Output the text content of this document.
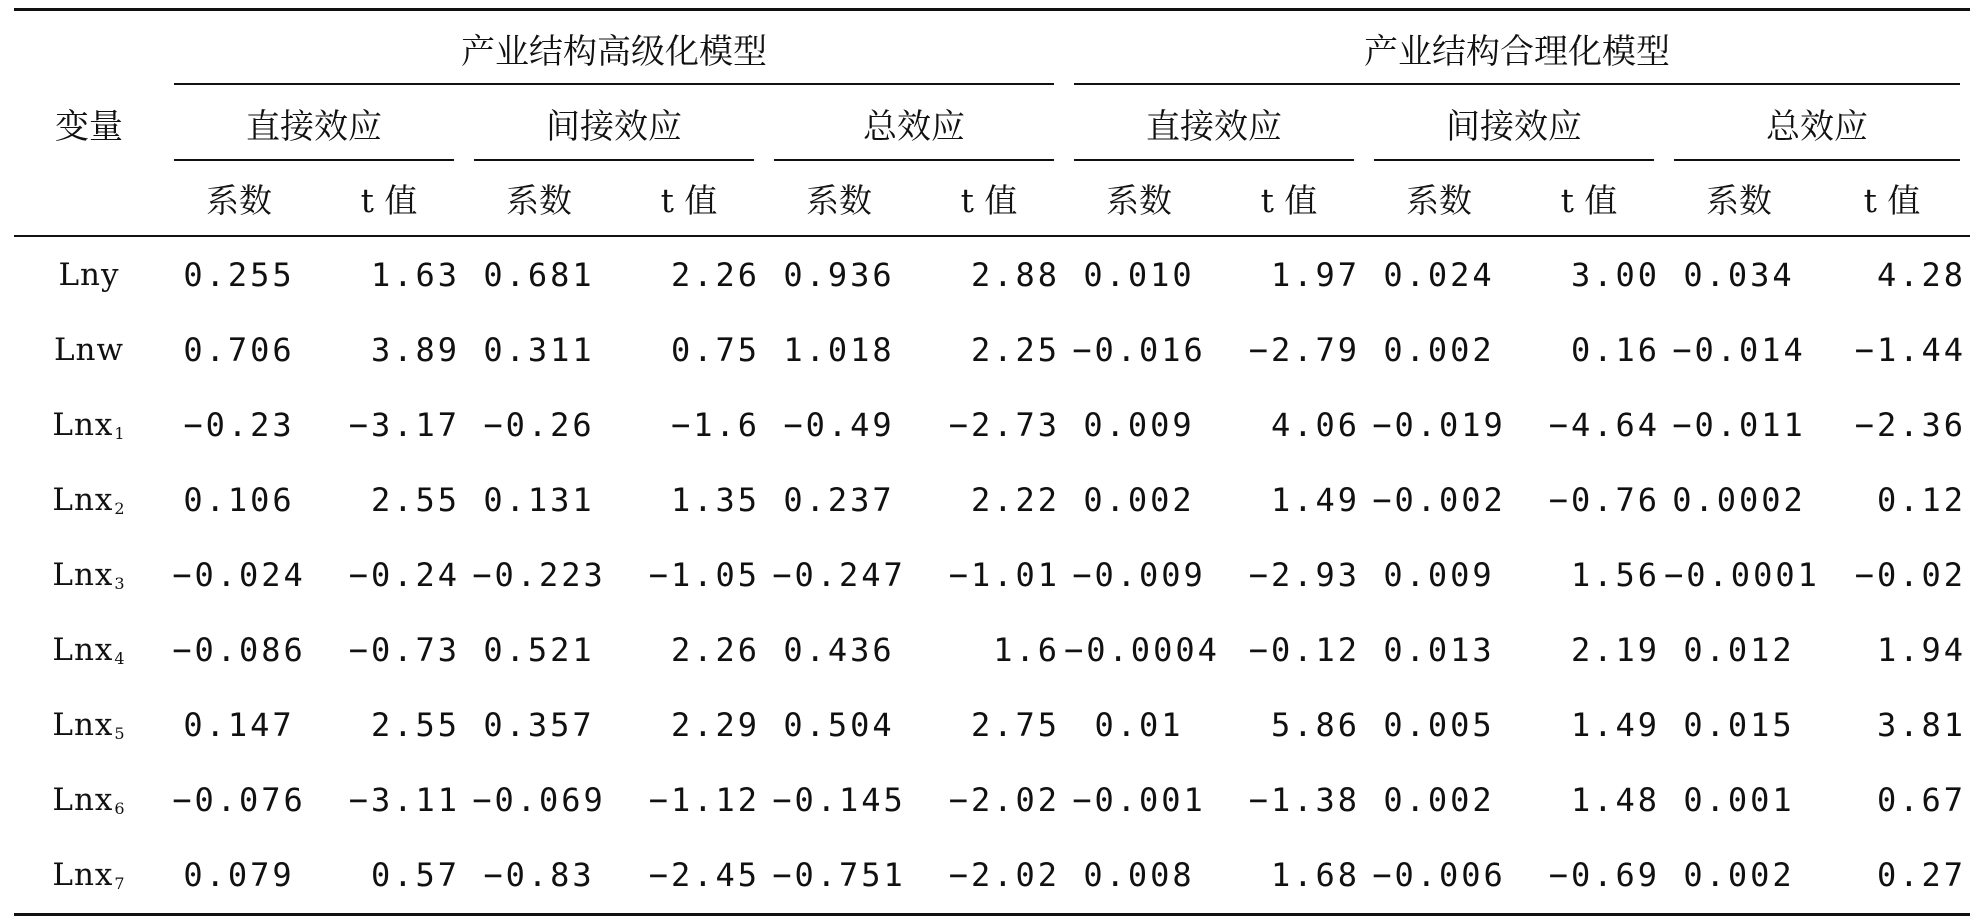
变量	产业结构高级化模型						产业结构合理化模型					
	直接效应		间接效应		总效应		直接效应		间接效应		总效应	
	系数	t 值	系数	t 值	系数	t 值	系数	t 值	系数	t 值	系数	t 值
Lny	0.255	1.63	0.681	2.26	0.936	2.88	0.010	1.97	0.024	3.00	0.034	4.28
Lnw	0.706	3.89	0.311	0.75	1.018	2.25	−0.016	−2.79	0.002	0.16	−0.014	−1.44
Lnx$_1$	−0.23	−3.17	−0.26	−1.6	−0.49	−2.73	0.009	4.06	−0.019	−4.64	−0.011	−2.36
Lnx$_2$	0.106	2.55	0.131	1.35	0.237	2.22	0.002	1.49	−0.002	−0.76	0.0002	0.12
Lnx$_3$	−0.024	−0.24	−0.223	−1.05	−0.247	−1.01	−0.009	−2.93	0.009	1.56	−0.0001	−0.02
Lnx$_4$	−0.086	−0.73	0.521	2.26	0.436	1.6	−0.0004	−0.12	0.013	2.19	0.012	1.94
Lnx$_5$	0.147	2.55	0.357	2.29	0.504	2.75	0.01	5.86	0.005	1.49	0.015	3.81
Lnx$_6$	−0.076	−3.11	−0.069	−1.12	−0.145	−2.02	−0.001	−1.38	0.002	1.48	0.001	0.67
Lnx$_7$	0.079	0.57	−0.83	−2.45	−0.751	−2.02	0.008	1.68	−0.006	−0.69	0.002	0.27
